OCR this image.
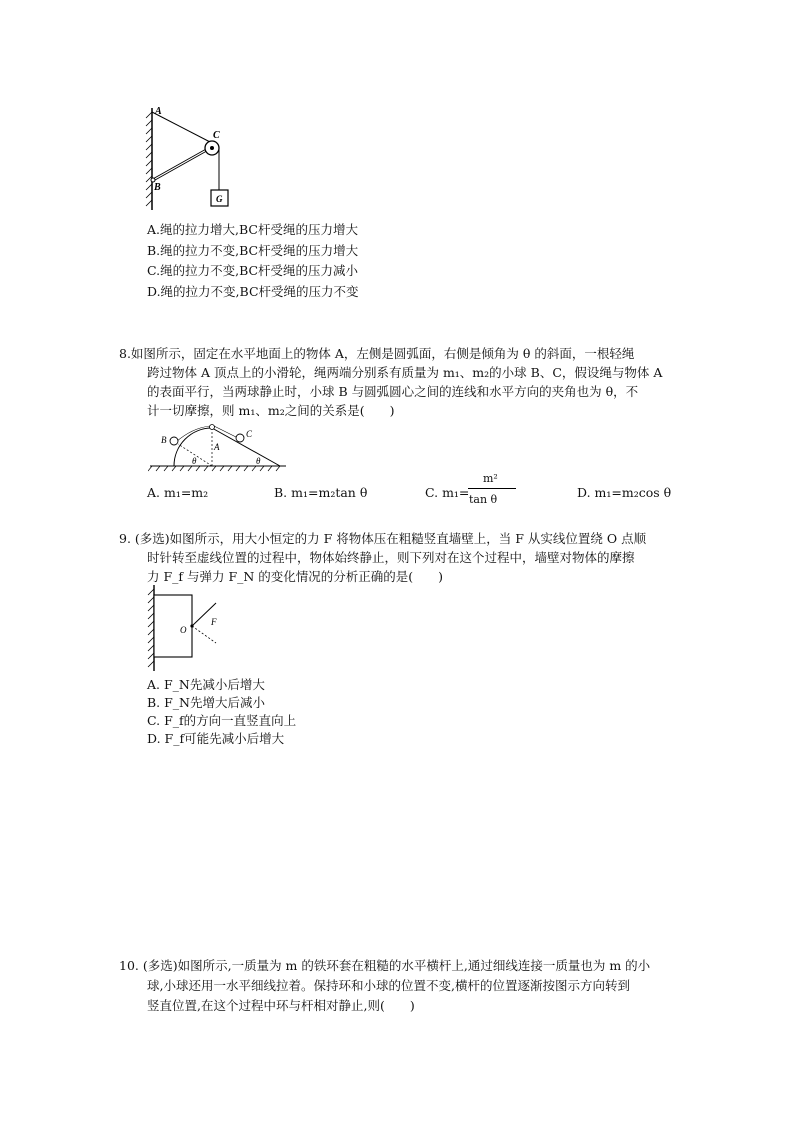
A
C
B
G
A.绳的拉力增大,BC杆受绳的压力增大
B.绳的拉力不变,BC杆受绳的压力增大
C.绳的拉力不变,BC杆受绳的压力减小
D.绳的拉力不变,BC杆受绳的压力不变
8.如图所示，固定在水平地面上的物体 A，左侧是圆弧面，右侧是倾角为 θ 的斜面，一根轻绳
跨过物体 A 顶点上的小滑轮，绳两端分别系有质量为 m₁、m₂的小球 B、C，假设绳与物体 A
的表面平行，当两球静止时，小球 B 与圆弧圆心之间的连线和水平方向的夹角也为 θ，不
计一切摩擦，则 m₁、m₂之间的关系是(　　)
B
C
A
θ	θ
A. m₁=m₂	B. m₁=m₂tan θ	C. m₁=
m²
tan θ	D. m₁=m₂cos θ
9. (多选)如图所示，用大小恒定的力 F 将物体压在粗糙竖直墙壁上，当 F 从实线位置绕 O 点顺
时针转至虚线位置的过程中，物体始终静止，则下列对在这个过程中，墙壁对物体的摩擦
力 F_f 与弹力 F_N 的变化情况的分析正确的是(　　)
O
F
A. F_N先减小后增大
B. F_N先增大后减小
C. F_f的方向一直竖直向上
D. F_f可能先减小后增大
10. (多选)如图所示,一质量为 m 的铁环套在粗糙的水平横杆上,通过细线连接一质量也为 m 的小
球,小球还用一水平细线拉着。保持环和小球的位置不变,横杆的位置逐渐按图示方向转到
竖直位置,在这个过程中环与杆相对静止,则(　　)
